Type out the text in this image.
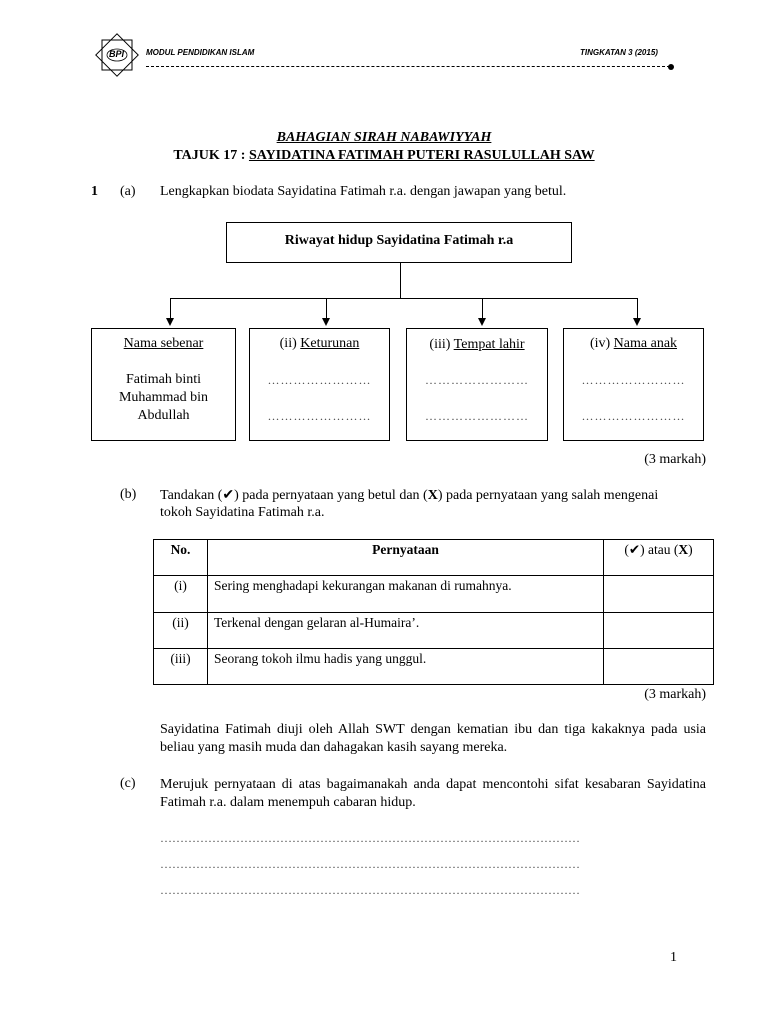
BPI	MODUL PENDIDIKAN ISLAM	TINGKATAN 3 (2015)
BAHAGIAN SIRAH NABAWIYYAH
TAJUK 17 : SAYIDATINA FATIMAH PUTERI RASULULLAH SAW
1 (a) Lengkapkan biodata Sayidatina Fatimah r.a. dengan jawapan yang betul.
Riwayat hidup Sayidatina Fatimah r.a
Nama sebenar
Fatimah binti
Muhammad bin
Abdullah
(ii) Keturunan
……………………
……………………
(iii) Tempat lahir
……………………
……………………
(iv) Nama anak
……………………
……………………
(3 markah)
(b) Tandakan (✔) pada pernyataan yang betul dan (X) pada pernyataan yang salah mengenai
tokoh Sayidatina Fatimah r.a.
No.	Pernyataan	(✔) atau (X)
(i)	Sering menghadapi kekurangan makanan di rumahnya.	
(ii)	Terkenal dengan gelaran al-Humaira’.	
(iii)	Seorang tokoh ilmu hadis yang unggul.	
(3 markah)
Sayidatina Fatimah diuji oleh Allah SWT dengan kematian ibu dan tiga kakaknya pada usia beliau yang masih muda dan dahagakan kasih sayang mereka.
(c) Merujuk pernyataan di atas bagaimanakah anda dapat mencontohi sifat kesabaran Sayidatina Fatimah r.a. dalam menempuh cabaran hidup.
……………………………………………………………………………………………
……………………………………………………………………………………………
……………………………………………………………………………………………
1
